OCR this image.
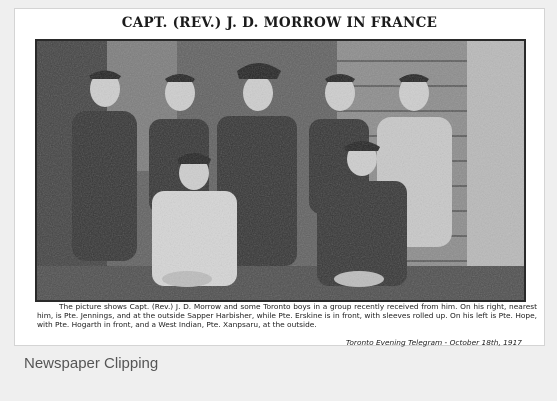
CAPT. (REV.) J. D. MORROW IN FRANCE
The picture shows Capt. (Rev.) J. D. Morrow and some Toronto boys in a group recently received from him. On his right, nearest him, is Pte. Jennings, and at the outside Sapper Harbisher, while Pte. Erskine is in front, with sleeves rolled up. On his left is Pte. Hope, with Pte. Hogarth in front, and a West Indian, Pte. Xanpsaru, at the outside.
Toronto Evening Telegram - October 18th, 1917
Newspaper Clipping
